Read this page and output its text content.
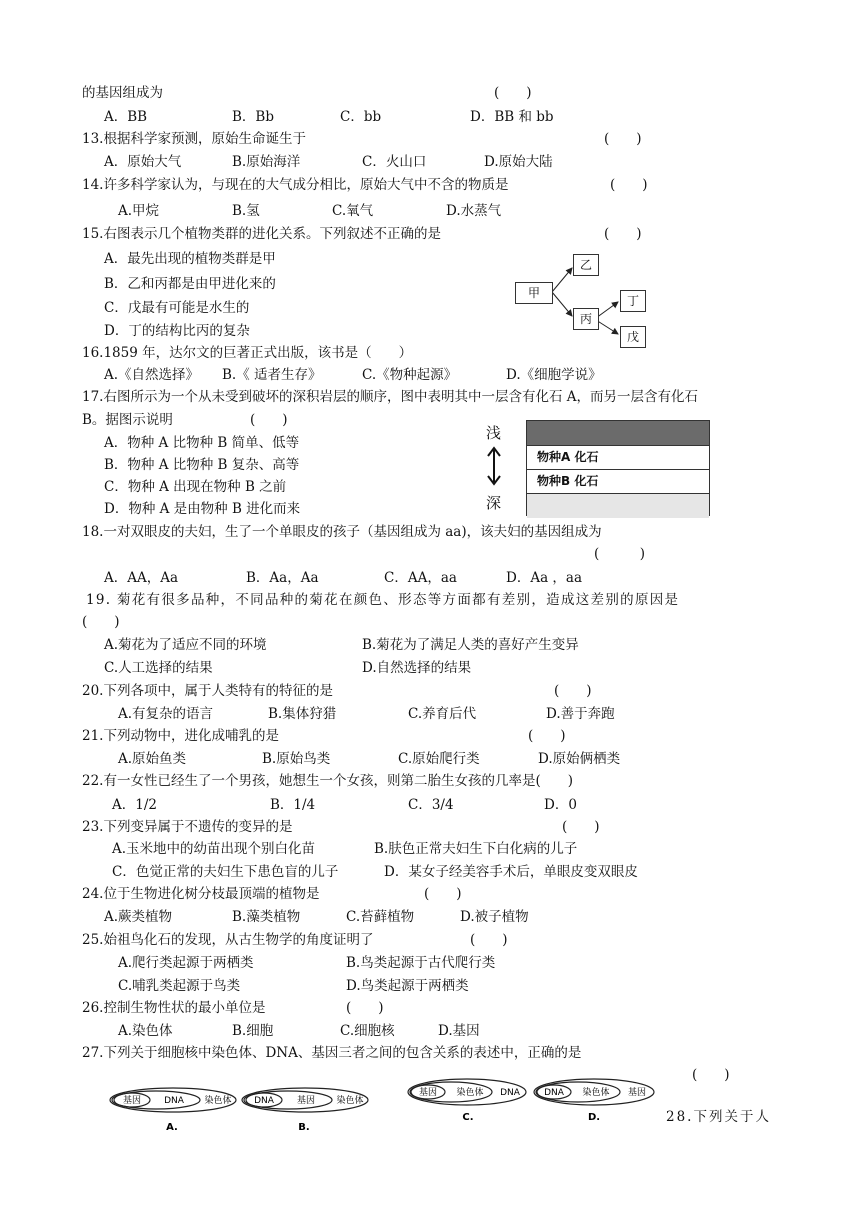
的基因组成为	(　　)
A．BB	B．Bb	C．bb	D．BB 和 bb
13.根据科学家预测，原始生命诞生于	(　　)
A．原始大气	B.原始海洋	C．火山口	D.原始大陆
14.许多科学家认为，与现在的大气成分相比，原始大气中不含的物质是	(　　)
A.甲烷	B.氢	C.氧气	D.水蒸气
15.右图表示几个植物类群的进化关系。下列叙述不正确的是	(　　)
A．最先出现的植物类群是甲
B．乙和丙都是由甲进化来的
C．戊最有可能是水生的
D．丁的结构比丙的复杂
甲
乙
丙
丁
戊
16.1859 年，达尔文的巨著正式出版，该书是（　　）
A.《自然选择》 B.《 适者生存》	C.《物种起源》	D.《细胞学说》
17.右图所示为一个从未受到破坏的深积岩层的顺序，图中表明其中一层含有化石 A，而另一层含有化石
B。据图示说明	(　　)
A．物种 A 比物种 B 简单、低等
B．物种 A 比物种 B 复杂、高等
C．物种 A 出现在物种 B 之前
D．物种 A 是由物种 B 进化而来
浅
深
物种A 化石
物种B 化石
18.一对双眼皮的夫妇，生了一个单眼皮的孩子（基因组成为 aa)，该夫妇的基因组成为
(　　　)
A．AA，Aa	B．Aa，Aa	C．AA，aa	D．Aa ，aa
19. 菊花有很多品种，不同品种的菊花在颜色、形态等方面都有差别，造成这差别的原因是
(　　)
A.菊花为了适应不同的环境	B.菊花为了满足人类的喜好产生变异
C.人工选择的结果	D.自然选择的结果
20.下列各项中，属于人类特有的特征的是	(　　)
A.有复杂的语言	B.集体狩猎	C.养育后代	D.善于奔跑
21.下列动物中，进化成哺乳的是	(　　)
A.原始鱼类	B.原始鸟类	C.原始爬行类	D.原始俩栖类
22.有一女性已经生了一个男孩，她想生一个女孩，则第二胎生女孩的几率是(　　)
A．1/2	B．1/4	C．3/4	D．0
23.下列变异属于不遗传的变异的是	(　　)
A.玉米地中的幼苗出现个别白化苗	B.肤色正常夫妇生下白化病的儿子
C．色觉正常的夫妇生下患色盲的儿子	D．某女子经美容手术后，单眼皮变双眼皮
24.位于生物进化树分枝最顶端的植物是	(　　)
A.蕨类植物	B.藻类植物	C.苔藓植物	D.被子植物
25.始祖鸟化石的发现，从古生物学的角度证明了	(　　)
A.爬行类起源于两栖类	B.鸟类起源于古代爬行类
C.哺乳类起源于鸟类	D.鸟类起源于两栖类
26.控制生物性状的最小单位是	(　　)
A.染色体	B.细胞	C.细胞核	D.基因
27.下列关于细胞核中染色体、DNA、基因三者之间的包含关系的表述中，正确的是
(　　)
基因	DNA 染色体
A.
DNA	基因 染色体
B.
基因 染色体 DNA
C.
DNA 染色体 基因
D.	28.下列关于人
